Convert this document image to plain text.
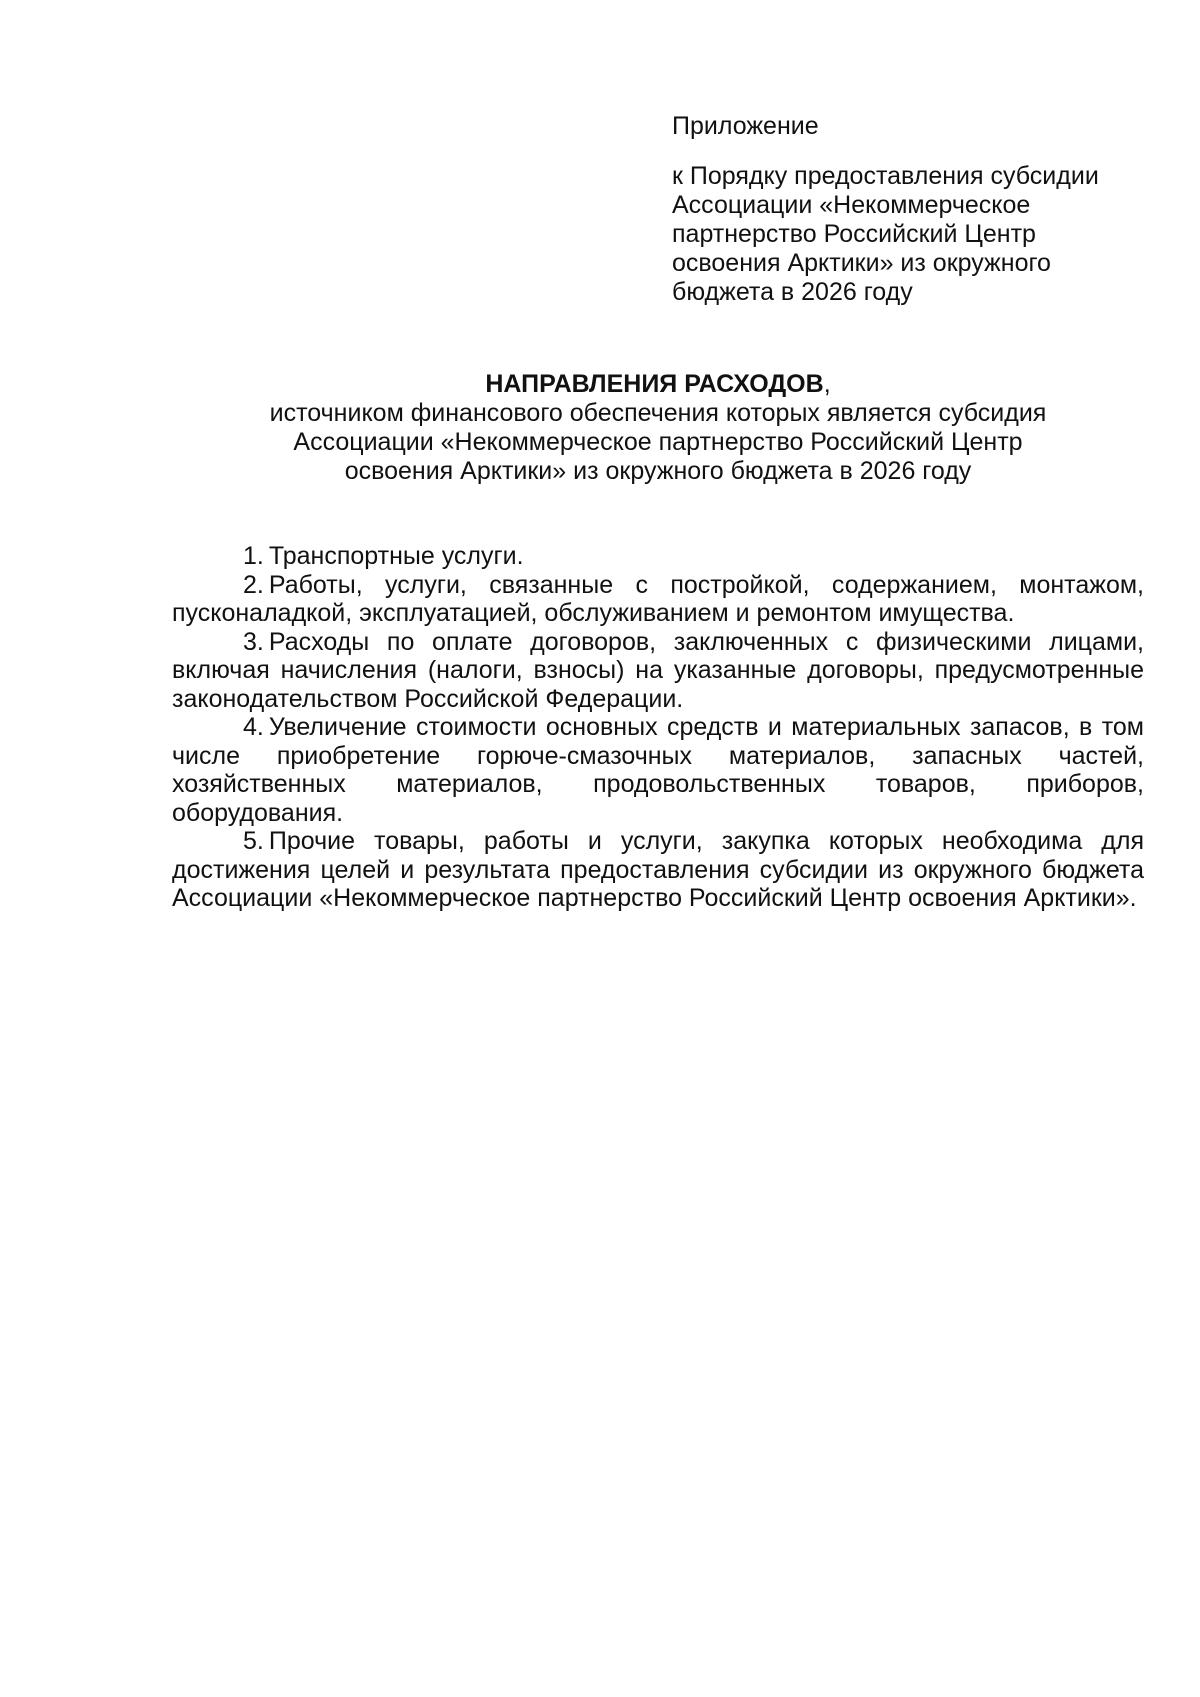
Приложение

к Порядку предоставления субсидии Ассоциации «Некоммерческое партнерство Российский Центр освоения Арктики» из окружного бюджета в 2026 году

НАПРАВЛЕНИЯ РАСХОДОВ,
источником финансового обеспечения которых является субсидия
Ассоциации «Некоммерческое партнерство Российский Центр
освоения Арктики» из окружного бюджета в 2026 году

1. Транспортные услуги.

2. Работы, услуги, связанные с постройкой, содержанием, монтажом, пусконаладкой, эксплуатацией, обслуживанием и ремонтом имущества.

3. Расходы по оплате договоров, заключенных с физическими лицами, включая начисления (налоги, взносы) на указанные договоры, предусмотренные законодательством Российской Федерации.

4. Увеличение стоимости основных средств и материальных запасов, в том числе приобретение горюче-смазочных материалов, запасных частей, хозяйственных материалов, продовольственных товаров, приборов, оборудования.

5. Прочие товары, работы и услуги, закупка которых необходима для достижения целей и результата предоставления субсидии из окружного бюджета Ассоциации «Некоммерческое партнерство Российский Центр освоения Арктики».
